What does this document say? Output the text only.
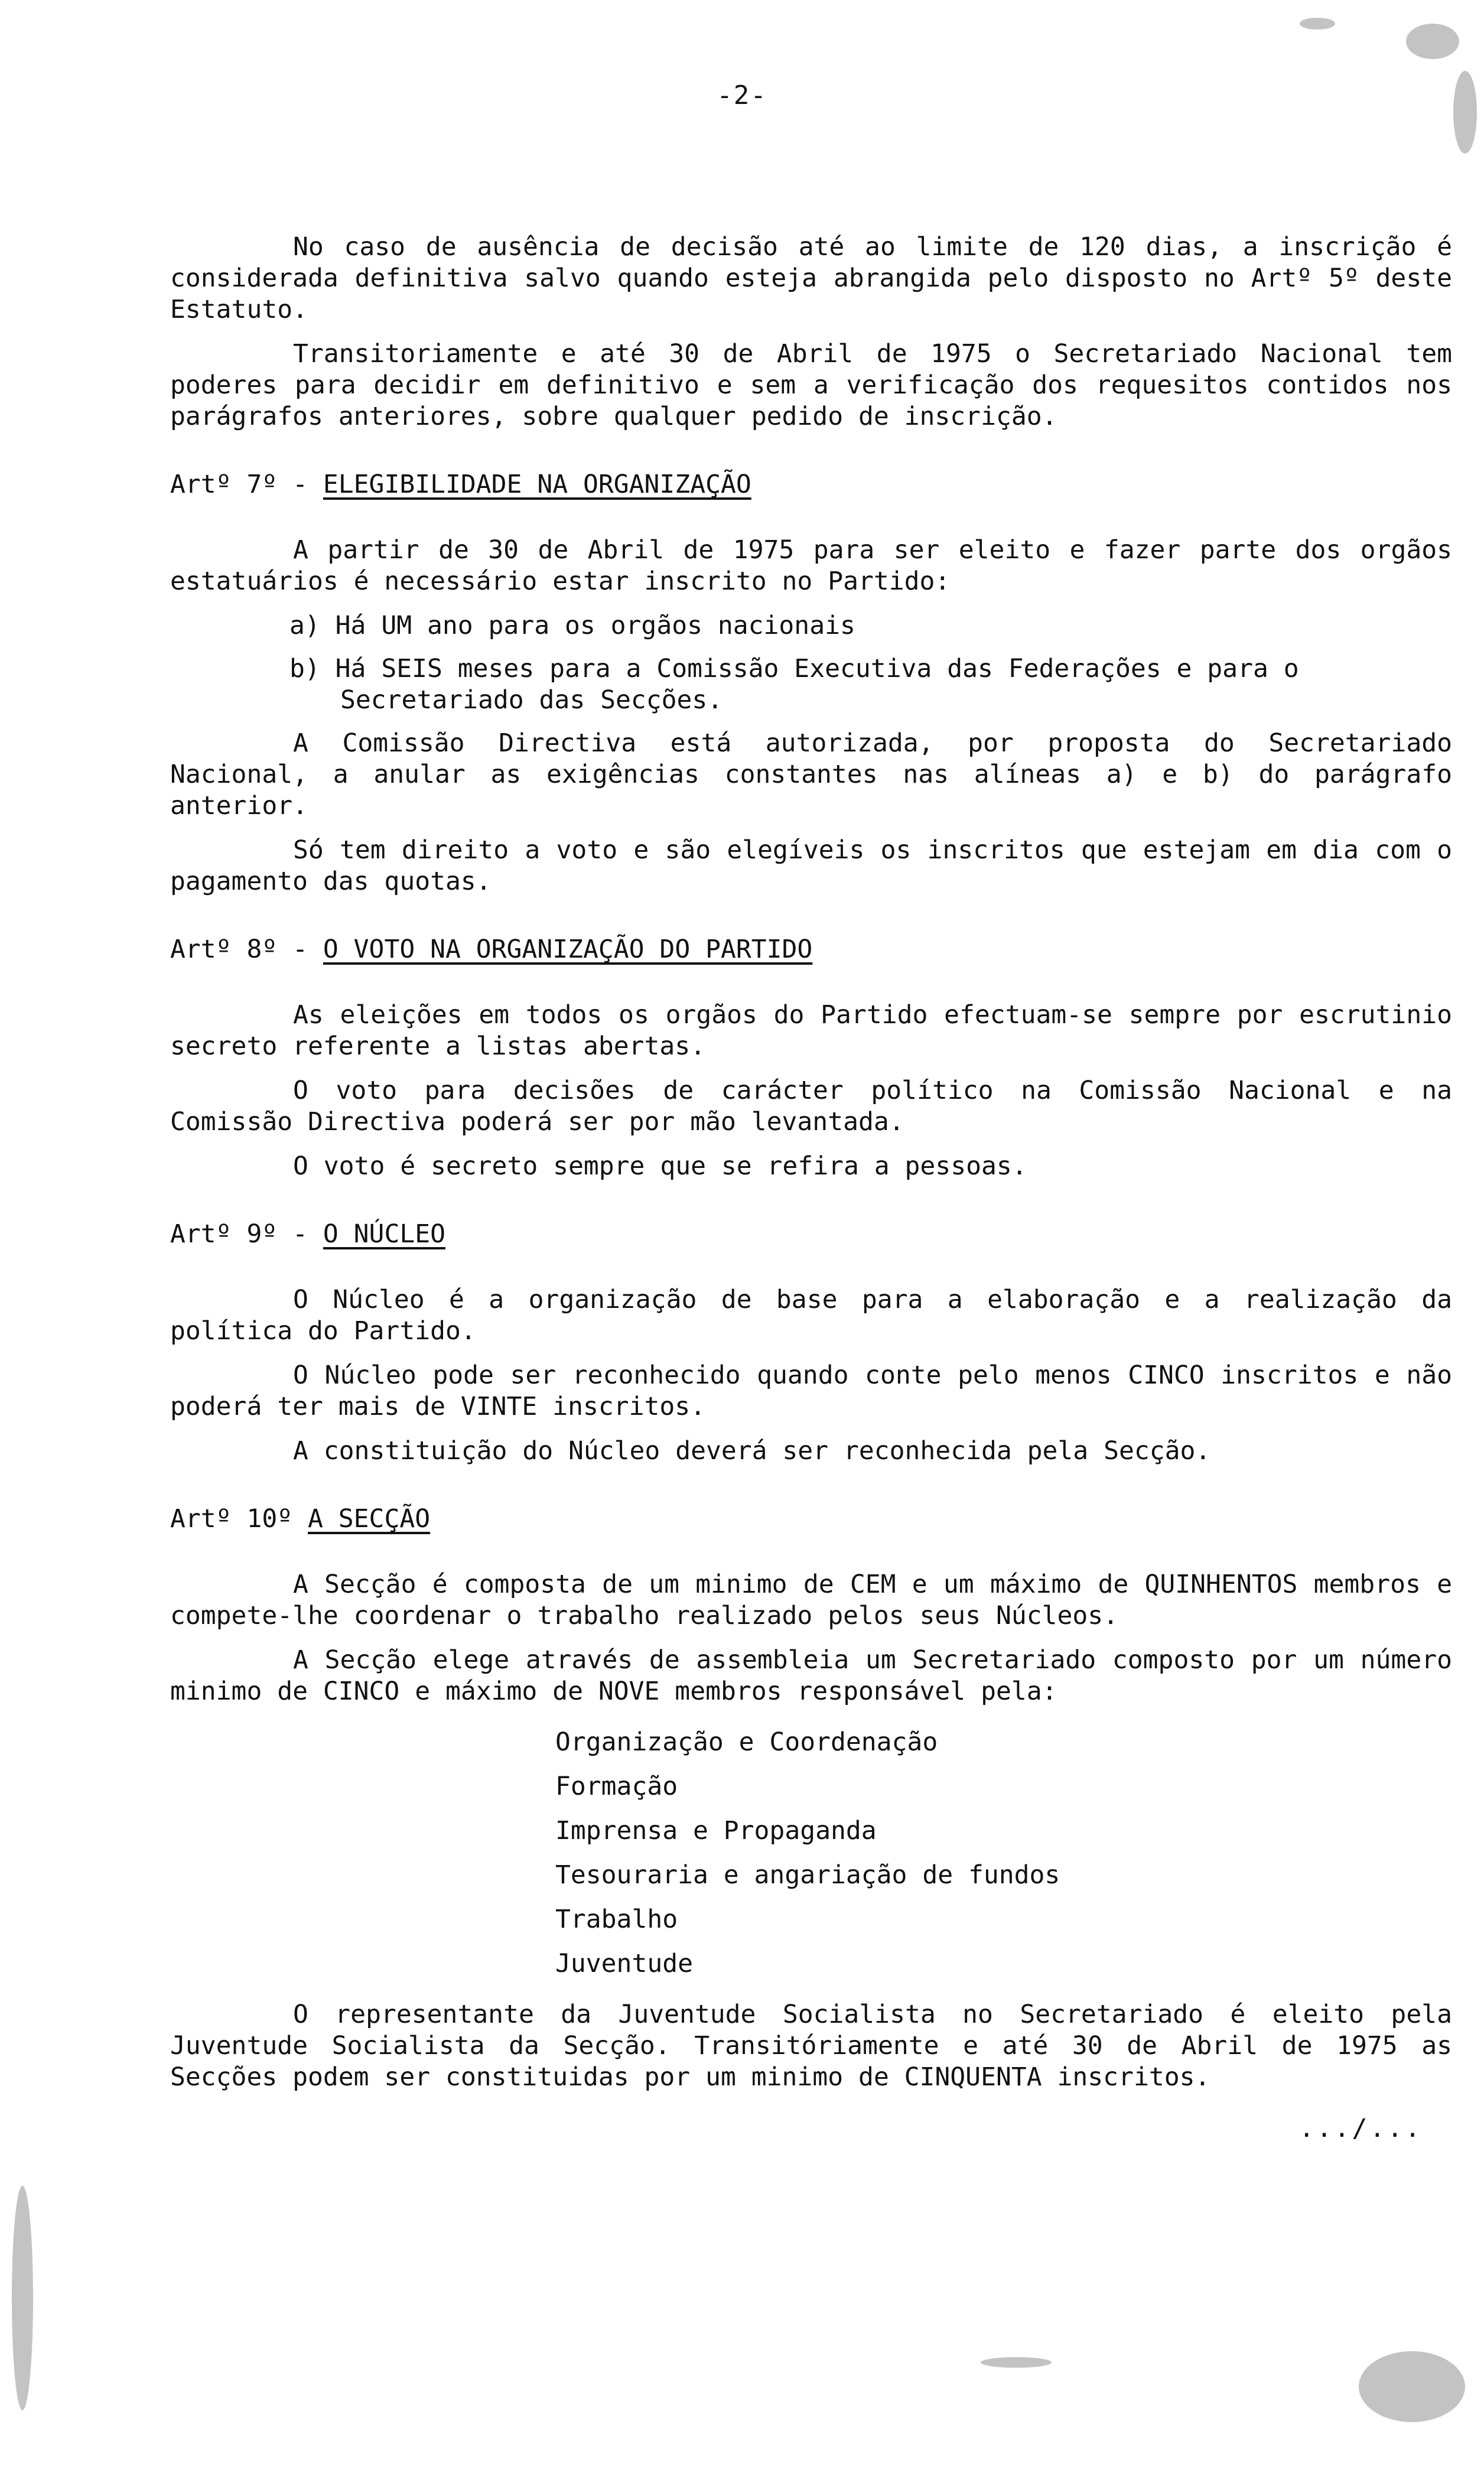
-2-

No caso de ausência de decisão até ao limite de 120 dias, a inscrição é considerada definitiva salvo quando esteja abrangida pelo disposto no Artº 5º deste Estatuto.

Transitoriamente e até 30 de Abril de 1975 o Secretariado Nacional tem poderes para decidir em definitivo e sem a verificação dos requesitos contidos nos parágrafos anteriores, sobre qualquer pedido de inscrição.

Artº 7º - ELEGIBILIDADE NA ORGANIZAÇÃO

A partir de 30 de Abril de 1975 para ser eleito e fazer parte dos orgãos estatuários é necessário estar inscrito no Partido:

a) Há UM ano para os orgãos nacionais

b) Há SEIS meses para a Comissão Executiva das Federações e para o Secretariado das Secções.

A Comissão Directiva está autorizada, por proposta do Secretariado Nacional, a anular as exigências constantes nas alíneas a) e b) do parágrafo anterior.

Só tem direito a voto e são elegíveis os inscritos que estejam em dia com o pagamento das quotas.

Artº 8º - O VOTO NA ORGANIZAÇÃO DO PARTIDO

As eleições em todos os orgãos do Partido efectuam-se sempre por escrutinio secreto referente a listas abertas.

O voto para decisões de carácter político na Comissão Nacional e na Comissão Directiva poderá ser por mão levantada.

O voto é secreto sempre que se refira a pessoas.

Artº 9º - O NÚCLEO

O Núcleo é a organização de base para a elaboração e a realização da política do Partido.

O Núcleo pode ser reconhecido quando conte pelo menos CINCO inscritos e não poderá ter mais de VINTE inscritos.

A constituição do Núcleo deverá ser reconhecida pela Secção.

Artº 10º A SECÇÃO

A Secção é composta de um minimo de CEM e um máximo de QUINHENTOS membros e compete-lhe coordenar o trabalho realizado pelos seus Núcleos.

A Secção elege através de assembleia um Secretariado composto por um número minimo de CINCO e máximo de NOVE membros responsável pela:

Organização e Coordenação
Formação
Imprensa e Propaganda
Tesouraria e angariação de fundos
Trabalho
Juventude

O representante da Juventude Socialista no Secretariado é eleito pela Juventude Socialista da Secção. Transitóriamente e até 30 de Abril de 1975 as Secções podem ser constituidas por um minimo de CINQUENTA inscritos.

.../...
